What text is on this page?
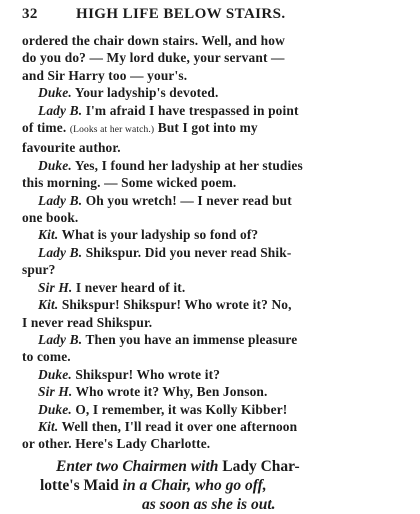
32	HIGH LIFE BELOW STAIRS.
ordered the chair down stairs. Well, and how
do you do? — My lord duke, your servant —
and Sir Harry too — your's.
Duke. Your ladyship's devoted.
Lady B. I'm afraid I have trespassed in point
of time. (Looks at her watch.) But I got into my
favourite author.
Duke. Yes, I found her ladyship at her studies
this morning. — Some wicked poem.
Lady B. Oh you wretch! — I never read but
one book.
Kit. What is your ladyship so fond of?
Lady B. Shikspur. Did you never read Shik-
spur?
Sir H. I never heard of it.
Kit. Shikspur! Shikspur! Who wrote it? No,
I never read Shikspur.
Lady B. Then you have an immense pleasure
to come.
Duke. Shikspur! Who wrote it?
Sir H. Who wrote it? Why, Ben Jonson.
Duke. O, I remember, it was Kolly Kibber!
Kit. Well then, I'll read it over one afternoon
or other. Here's Lady Charlotte.
Enter two Chairmen with Lady Char-
lotte's Maid in a Chair, who go off,
as soon as she is out.
